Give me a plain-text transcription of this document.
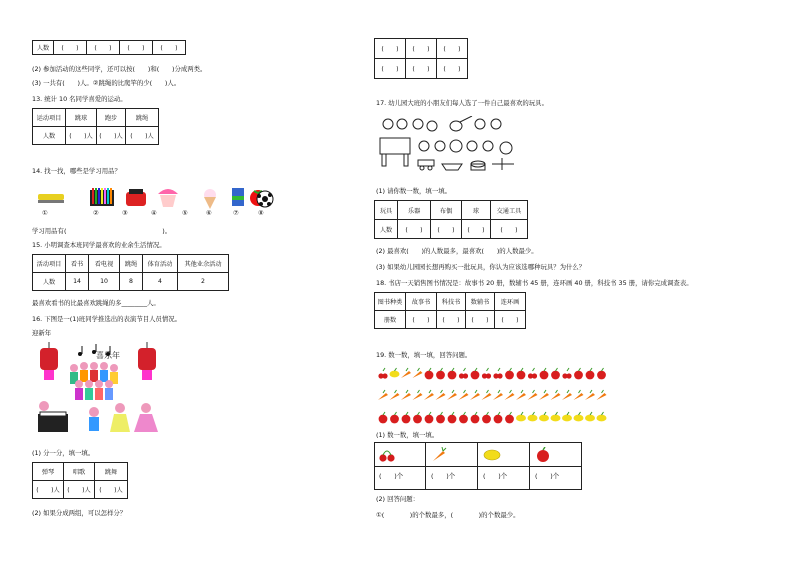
人数	(　　)	(　　)	(　　)	(　　)
(2) 参加活动的这些同学，还可以按(　　)和(　　)分成两类。
(3) 一共有(　　)人。②跳绳的比爬竿的少(　　)人。
13. 统计 10 名同学喜爱的运动。
运动项目	跳球	跑步	跳绳
人数	(　　)人	(　　)人	(　　)人
14. 找一找，哪些是学习用品？
①	②	③	④	⑤	⑥	⑦	⑧
学习用品有(　　　　　　　　　　　　　　　)。
15. 小明调查本班同学最喜欢的业余生活情况。
活动项目	看书	看电视	跳绳	体育活动	其他业余活动
人数	14	10	8	4	2
最喜欢看书的比最喜欢跳绳的多________人。
16. 下图是一(1)班同学推选出的表演节目人员情况。
迎新年
喜乐年
(1) 分一分，填一填。
弹琴	唱歌	跳舞
(　　)人	(　　)人	(　　)人
(2) 如果分成两组，可以怎样分？
(　　)	(　　)	(　　)
(　　)	(　　)	(　　)
17. 幼儿园大班的小朋友们每人选了一件自己最喜欢的玩具。
(1) 请你数一数，填一填。
玩具	乐器	布偶	球	交通工具
人数	(　　)	(　　)	(　　)	(　　)
(2) 最喜欢(　　)的人数最多，最喜欢(　　)的人数最少。
(3) 如果幼儿园园长想再购买一批玩具，你认为应该选哪种玩具？为什么？
18. 书店一天销售图书情况是：故事书 20 册，数辅书 45 册，连环画 40 册，科技书 35 册，请你完成调查表。
图书种类	故事书	科技书	数辅书	连环画
册数	(　　)	(　　)	(　　)	(　　)
19. 数一数，填一填，回答问题。
(1) 数一数，填一填。
(　　)个	(　　)个	(　　)个	(　　)个
(2) 回答问题：
①(　　　　)的个数最多，(　　　　)的个数最少。
